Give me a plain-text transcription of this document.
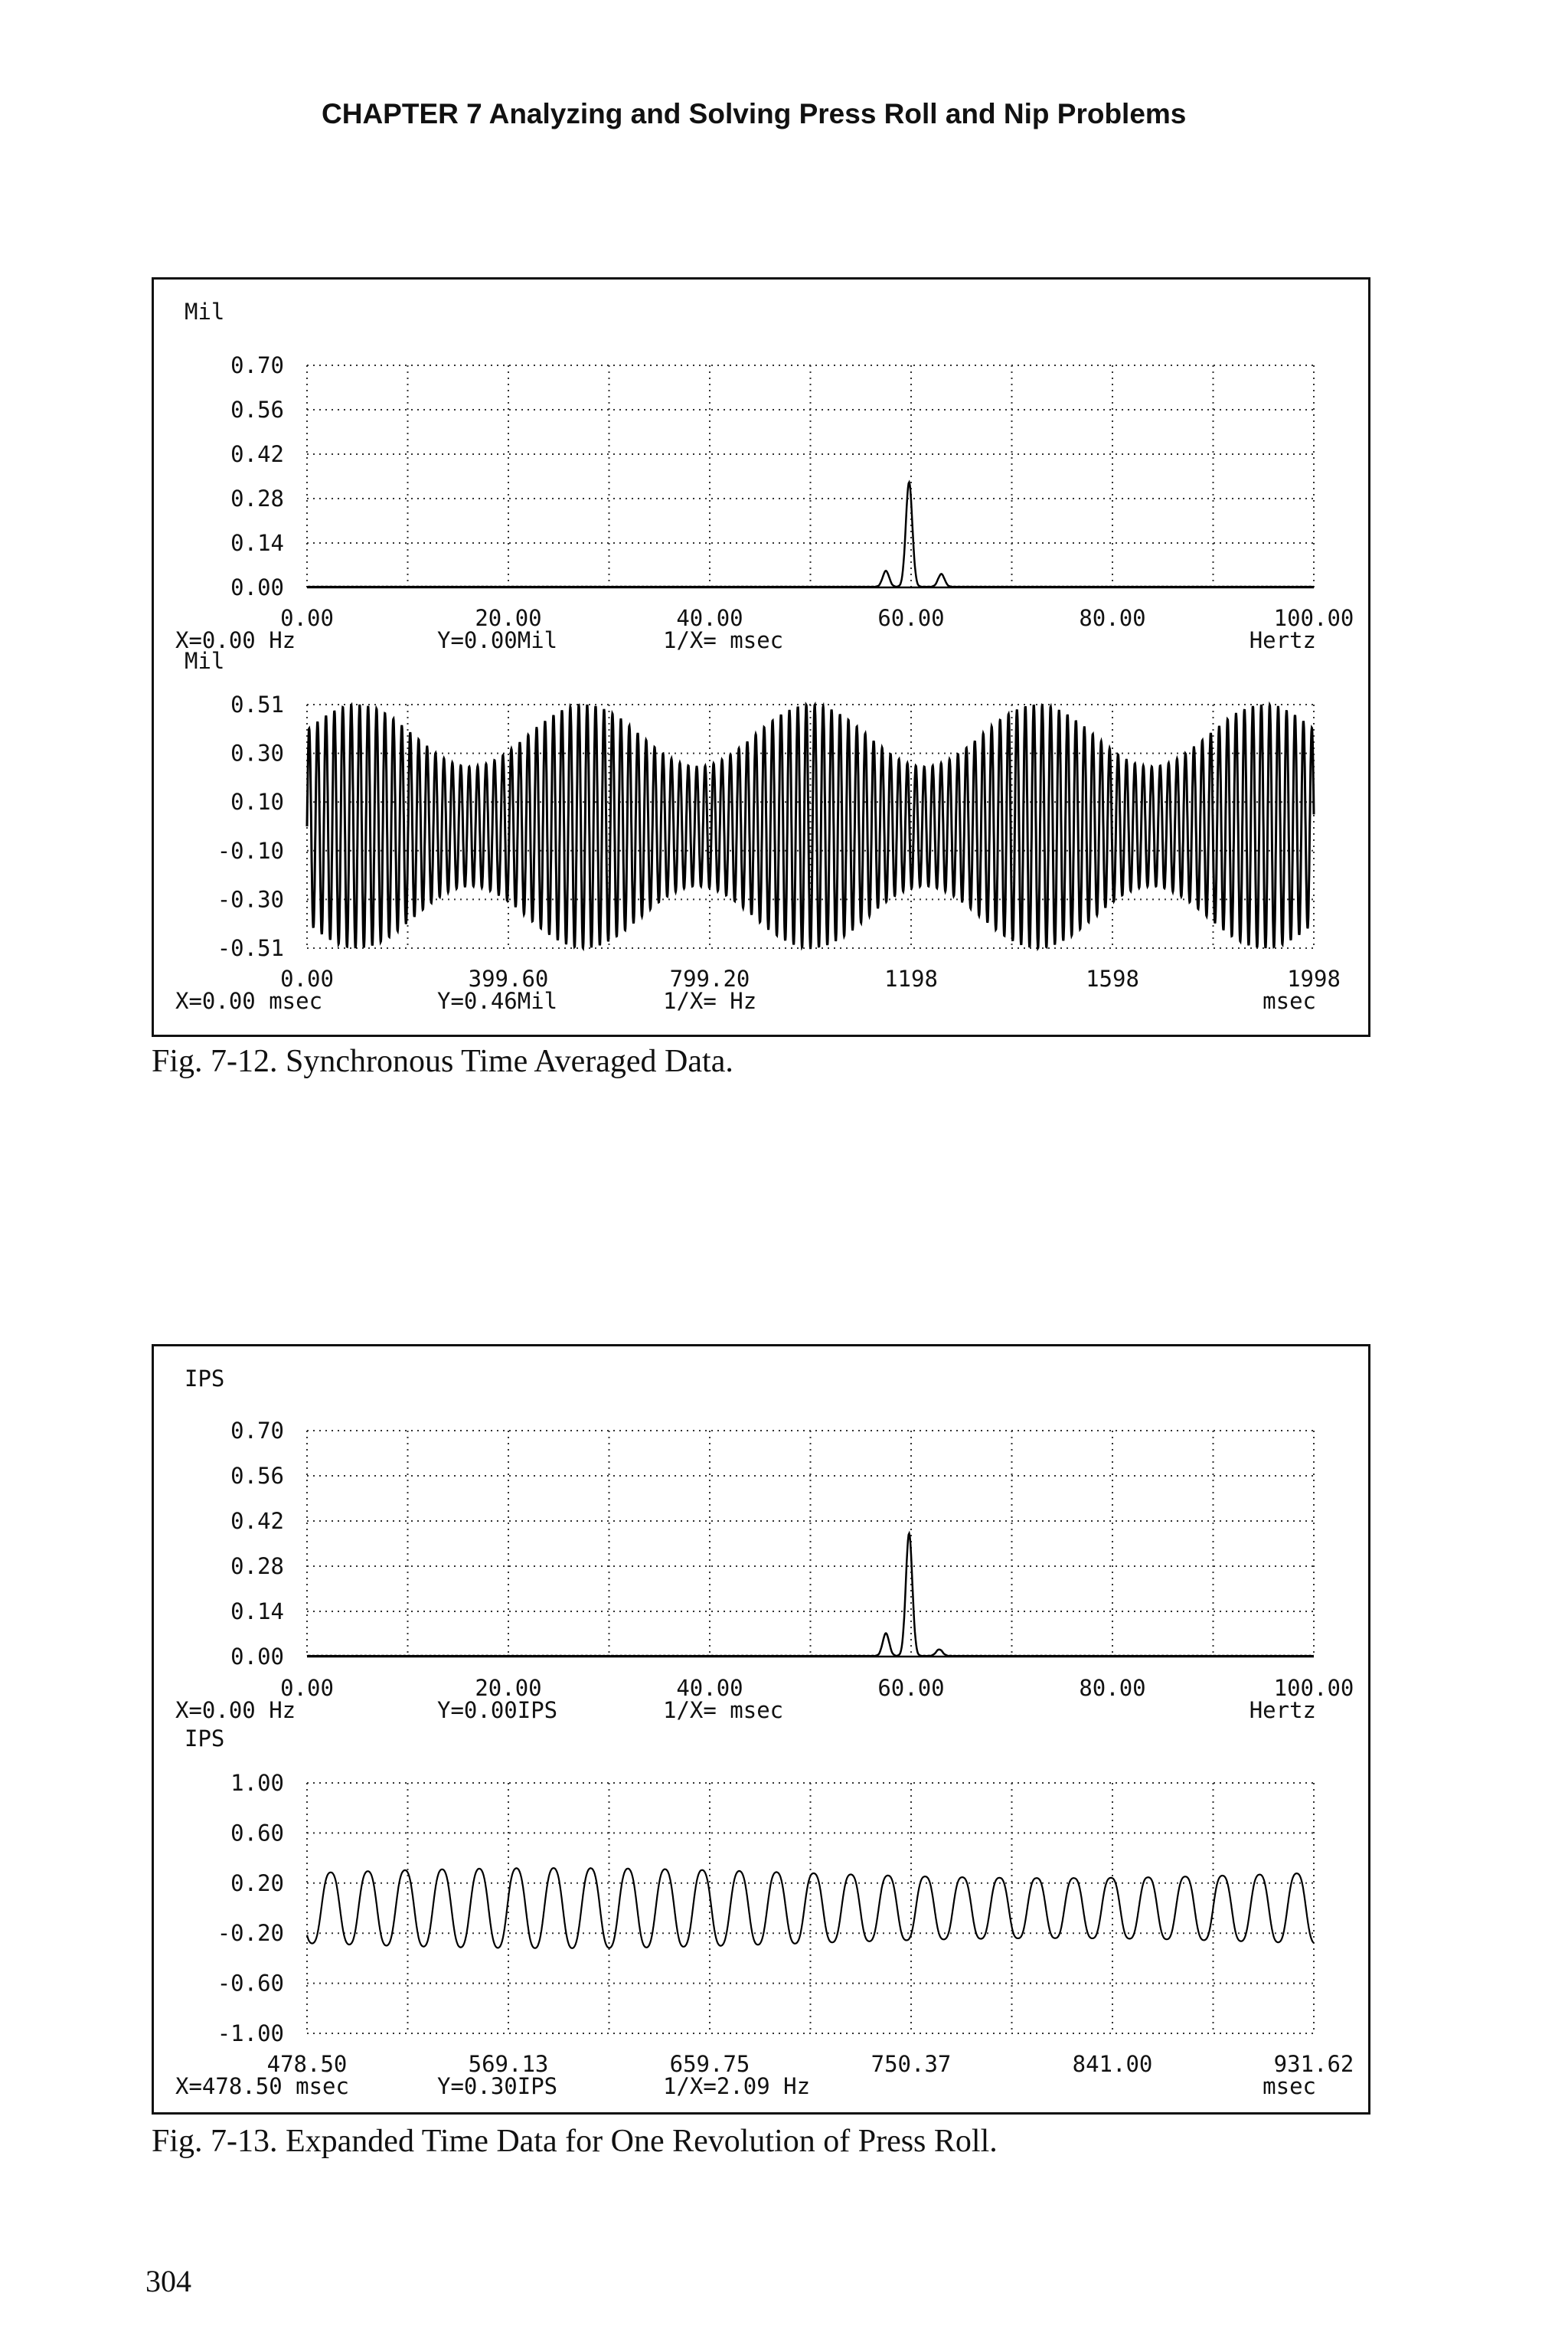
CHAPTER 7 Analyzing and Solving Press Roll and Nip Problems
Mil
0.70
0.56
0.42
0.28
0.14
0.00
0.00	20.00	40.00	60.00	80.00	100.00
X=0.00 Hz	Y=0.00Mil	1/X= msec	Hertz
Mil
0.51
0.30
0.10
-0.10
-0.30
-0.51
0.00	399.60	799.20	1198	1598	1998
X=0.00 msec	Y=0.46Mil	1/X= Hz	msec
Fig. 7-12. Synchronous Time Averaged Data.
IPS
0.70
0.56
0.42
0.28
0.14
0.00
0.00	20.00	40.00	60.00	80.00	100.00
X=0.00 Hz	Y=0.00IPS	1/X= msec	Hertz
IPS
1.00
0.60
0.20
-0.20
-0.60
-1.00
478.50	569.13	659.75	750.37	841.00	931.62
X=478.50 msec	Y=0.30IPS	1/X=2.09 Hz	msec
Fig. 7-13. Expanded Time Data for One Revolution of Press Roll.
304
